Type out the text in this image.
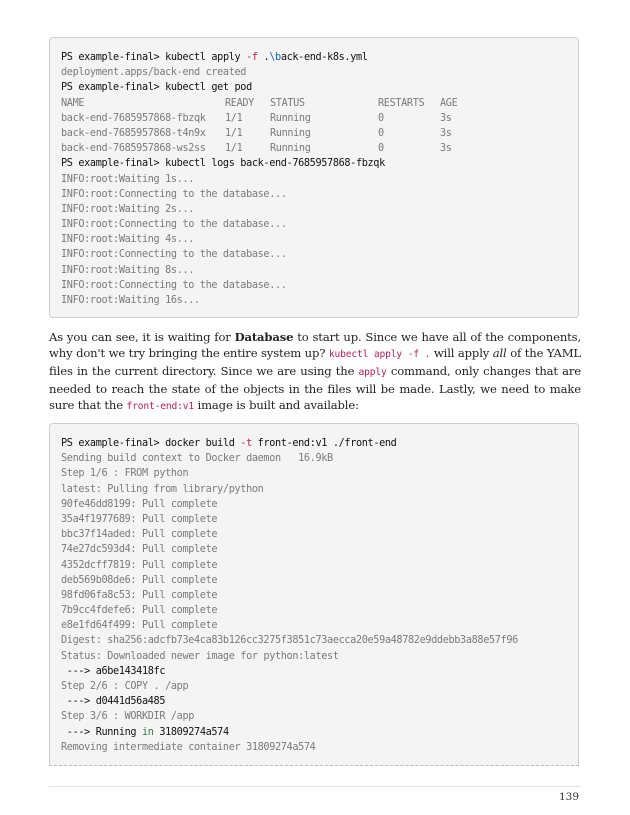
PS example-final> kubectl apply -f .\back-end-k8s.yml
deployment.apps/back-end created
PS example-final> kubectl get pod
NAME	READY STATUS	RESTARTS AGE
back-end-7685957868-fbzqk 1/1	Running	0	3s
back-end-7685957868-t4n9x 1/1	Running	0	3s
back-end-7685957868-ws2ss 1/1	Running	0	3s
PS example-final> kubectl logs back-end-7685957868-fbzqk
INFO:root:Waiting 1s...
INFO:root:Connecting to the database...
INFO:root:Waiting 2s...
INFO:root:Connecting to the database...
INFO:root:Waiting 4s...
INFO:root:Connecting to the database...
INFO:root:Waiting 8s...
INFO:root:Connecting to the database...
INFO:root:Waiting 16s...

As you can see, it is waiting for Database to start up. Since we have all of the components, why don't we try bringing the entire system up? kubectl apply -f . will apply all of the YAML files in the current directory. Since we are using the apply command, only changes that are needed to reach the state of the objects in the files will be made. Lastly, we need to make sure that the front-end:v1 image is built and available:

PS example-final> docker build -t front-end:v1 ./front-end
Sending build context to Docker daemon   16.9kB
Step 1/6 : FROM python
latest: Pulling from library/python
90fe46dd8199: Pull complete
35a4f1977689: Pull complete
bbc37f14aded: Pull complete
74e27dc593d4: Pull complete
4352dcff7819: Pull complete
deb569b08de6: Pull complete
98fd06fa8c53: Pull complete
7b9cc4fdefe6: Pull complete
e8e1fd64f499: Pull complete
Digest: sha256:adcfb73e4ca83b126cc3275f3851c73aecca20e59a48782e9ddebb3a88e57f96
Status: Downloaded newer image for python:latest
---> a6be143418fc
Step 2/6 : COPY . /app
---> d0441d56a485
Step 3/6 : WORKDIR /app
---> Running in 31809274a574
Removing intermediate container 31809274a574
139
